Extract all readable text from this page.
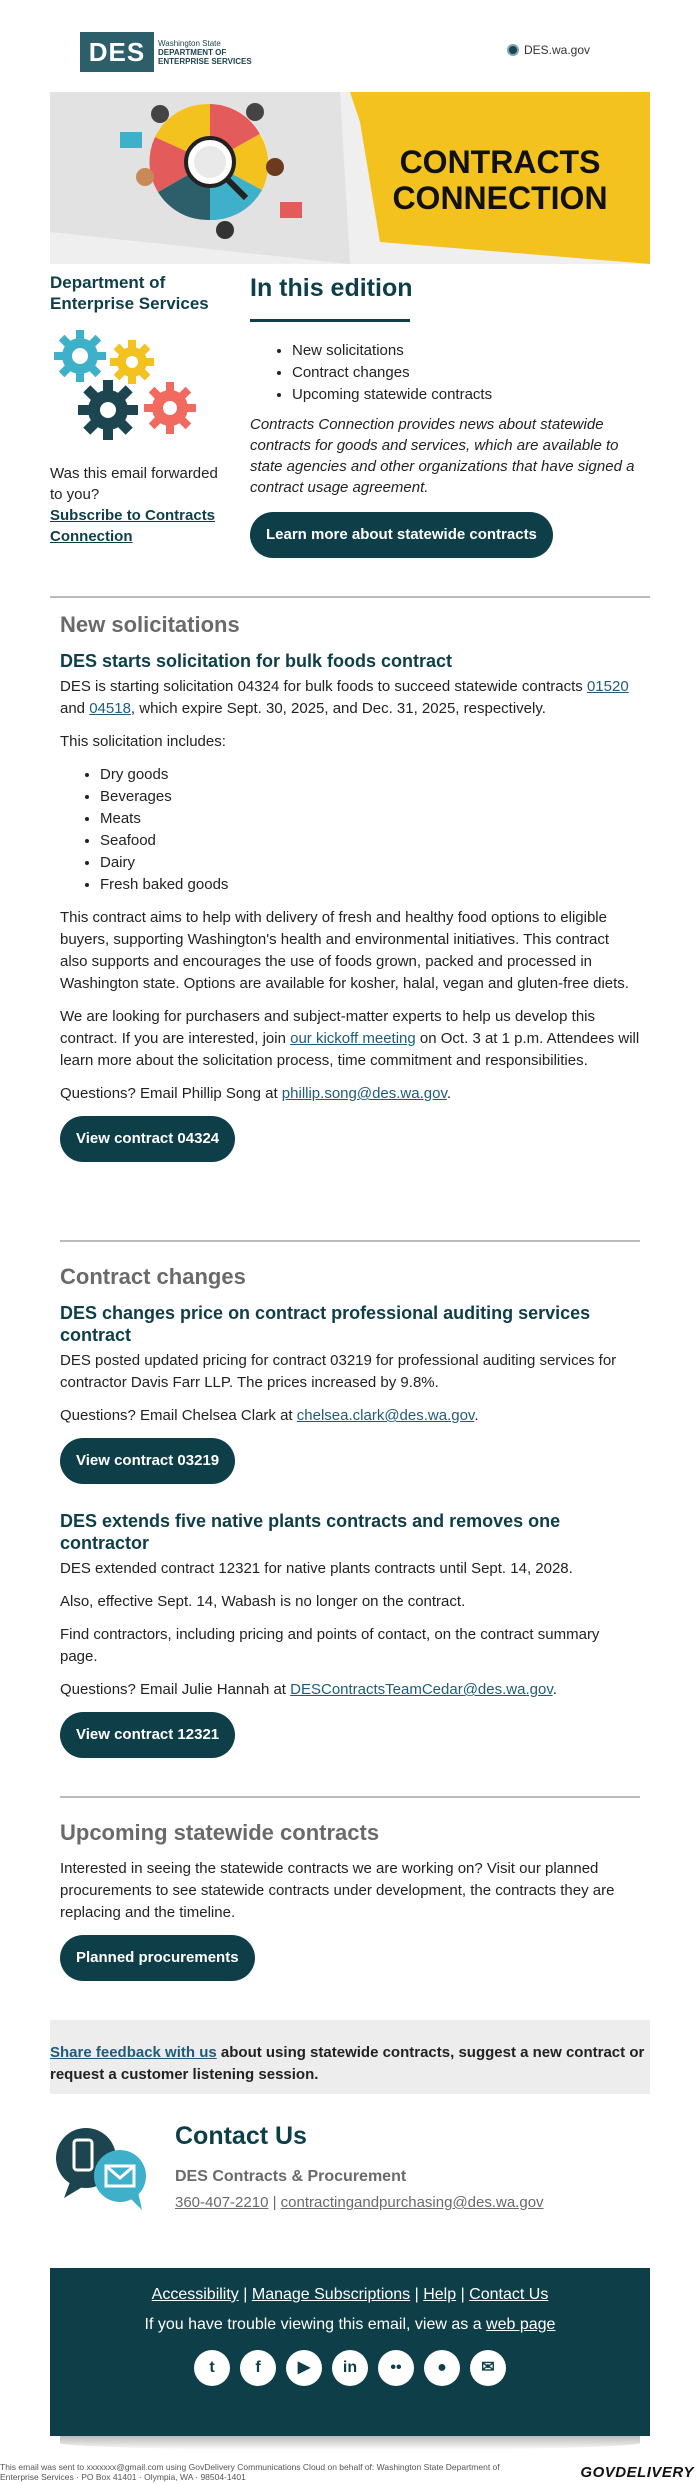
DES	Washington State
DEPARTMENT OF
ENTERPRISE SERVICES
DES.wa.gov
CONTRACTS
CONNECTION
Department of Enterprise Services
Was this email forwarded to you?
Subscribe to Contracts Connection
In this edition
• New solicitations
• Contract changes
• Upcoming statewide contracts

Contracts Connection provides news about statewide contracts for goods and services, which are available to state agencies and other organizations that have signed a contract usage agreement.

Learn more about statewide contracts
New solicitations
DES starts solicitation for bulk foods contract

DES is starting solicitation 04324 for bulk foods to succeed statewide contracts 01520 and 04518, which expire Sept. 30, 2025, and Dec. 31, 2025, respectively.

This solicitation includes:

• Dry goods
• Beverages
• Meats
• Seafood
• Dairy
• Fresh baked goods

This contract aims to help with delivery of fresh and healthy food options to eligible buyers, supporting Washington's health and environmental initiatives. This contract also supports and encourages the use of foods grown, packed and processed in Washington state. Options are available for kosher, halal, vegan and gluten-free diets.

We are looking for purchasers and subject-matter experts to help us develop this contract. If you are interested, join our kickoff meeting on Oct. 3 at 1 p.m. Attendees will learn more about the solicitation process, time commitment and responsibilities.

Questions? Email Phillip Song at phillip.song@des.wa.gov.

View contract 04324
Contract changes
DES changes price on contract professional auditing services contract

DES posted updated pricing for contract 03219 for professional auditing services for contractor Davis Farr LLP. The prices increased by 9.8%.

Questions? Email Chelsea Clark at chelsea.clark@des.wa.gov.

View contract 03219
DES extends five native plants contracts and removes one contractor

DES extended contract 12321 for native plants contracts until Sept. 14, 2028.

Also, effective Sept. 14, Wabash is no longer on the contract.

Find contractors, including pricing and points of contact, on the contract summary page.

Questions? Email Julie Hannah at DESContractsTeamCedar@des.wa.gov.

View contract 12321
Upcoming statewide contracts

Interested in seeing the statewide contracts we are working on? Visit our planned procurements to see statewide contracts under development, the contracts they are replacing and the timeline.

Planned procurements
Share feedback with us about using statewide contracts, suggest a new contract or request a customer listening session.
Contact Us
DES Contracts & Procurement
360-407-2210 | contractingandpurchasing@des.wa.gov
Accessibility | Manage Subscriptions | Help | Contact Us
If you have trouble viewing this email, view as a web page
t	f	▶	in	••	●	✉
This email was sent to xxxxxxx@gmail.com using GovDelivery Communications Cloud on behalf of: Washington State Department of
Enterprise Services · PO Box 41401 · Olympia, WA · 98504-1401	GOVDELIVERY
